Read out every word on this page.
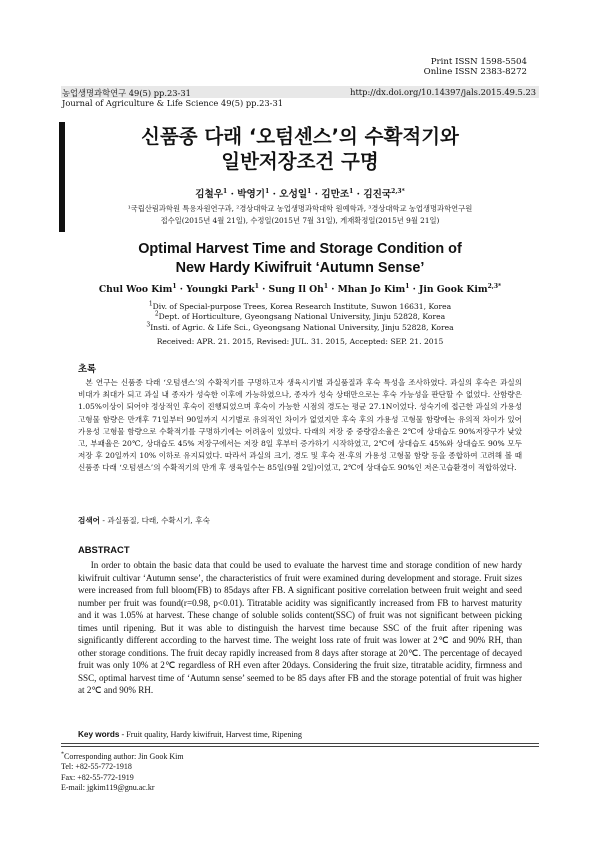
Print ISSN 1598-5504
Online ISSN 2383-8272
농업생명과학연구 49(5) pp.23-31	http://dx.doi.org/10.14397/jals.2015.49.5.23
Journal of Agriculture & Life Science 49(5) pp.23-31
신품종 다래 ‘오텀센스’의 수확적기와
일반저장조건 구명
김철우$^1$ · 박영기$^1$ · 오성일$^1$ · 김만조$^1$ · 김진국$^{2,3*}$
¹국립산림과학원 특용자원연구과, ²경상대학교 농업생명과학대학 원예학과, ³경상대학교 농업생명과학연구원
접수일(2015년 4월 21일), 수정일(2015년 7월 31일), 게재확정일(2015년 9월 21일)
Optimal Harvest Time and Storage Condition of
New Hardy Kiwifruit ‘Autumn Sense’
Chul Woo Kim$^1$ · Youngki Park$^1$ · Sung Il $Oh^1$ · Mhan Jo Kim$^1$ · Jin Gook Kim$^{2,3*}$
$^1$Div. of Special-purpose Trees, Korea Research Institute, Suwon 16631, Korea
$^2$Dept. of Horticulture, Gyeongsang National University, Jinju 52828, Korea
$^3$Insti. of Agric. & Life Sci., Gyeongsang National University, Jinju 52828, Korea
Received: APR. 21. 2015, Revised: JUL. 31. 2015, Accepted: SEP. 21. 2015
초록
본 연구는 신품종 다래 ‘오텀센스’의 수확적기를 구명하고자 생육시기별 과실품질과 후숙 특성을 조사하였다. 과실의 후숙은 과실의 비대가 최대가 되고 과실 내 종자가 성숙한 이후에 가능하였으나, 종자가 성숙 상태만으로는 후숙 가능성을 판단할 수 없었다. 산함량은 1.05%이상이 되어야 정상적인 후숙이 진행되었으며 후숙이 가능한 시점의 경도는 평균 27.1N이었다. 성숙기에 접근한 과실의 가용성 고형물 함량은 만개후 71일부터 90일까지 시기별로 유의적인 차이가 없었지만 후숙 후의 가용성 고형물 함량에는 유의적 차이가 있어 가용성 고형물 함량으로 수확적기를 구명하기에는 어려움이 있었다. 다래의 저장 중 중량감소율은 2℃에 상대습도 90%저장구가 낮았고, 부패율은 20℃, 상대습도 45% 저장구에서는 저장 8일 후부터 증가하기 시작하였고, 2℃에 상대습도 45%와 상대습도 90% 모두 저장 후 20일까지 10% 이하로 유지되었다. 따라서 과실의 크기, 경도 및 후숙 전·후의 가용성 고형물 함량 등을 종합하여 고려해 볼 때 신품종 다래 ‘오텀센스’의 수확적기의 만개 후 생육일수는 85일(9월 2일)이었고, 2℃에 상대습도 90%인 저온고습환경이 적합하였다.
검색어 - 과실품질, 다래, 수확시기, 후숙
ABSTRACT
In order to obtain the basic data that could be used to evaluate the harvest time and storage condition of new hardy kiwifruit cultivar ‘Autumn sense’, the characteristics of fruit were examined during development and storage. Fruit sizes were increased from full bloom(FB) to 85days after FB. A significant positive correlation between fruit weight and seed number per fruit was found(r=0.98, p<0.01). Titratable acidity was significantly increased from FB to harvest maturity and it was 1.05% at harvest. These change of soluble solids content(SSC) of fruit was not significant between picking times until ripening. But it was able to distinguish the harvest time because SSC of the fruit after ripening was significantly different according to the harvest time. The weight loss rate of fruit was lower at 2℃ and 90% RH, than other storage conditions. The fruit decay rapidly increased from 8 days after storage at 20℃. The percentage of decayed fruit was only 10% at 2℃ regardless of RH even after 20days. Considering the fruit size, titratable acidity, firmness and SSC, optimal harvest time of ‘Autumn sense’ seemed to be 85 days after FB and the storage potential of fruit was higher at 2℃ and 90% RH.
Key words - Fruit quality, Hardy kiwifruit, Harvest time, Ripening
*Corresponding author: Jin Gook Kim
Tel: +82-55-772-1918
Fax: +82-55-772-1919
E-mail: jgkim119@gnu.ac.kr
